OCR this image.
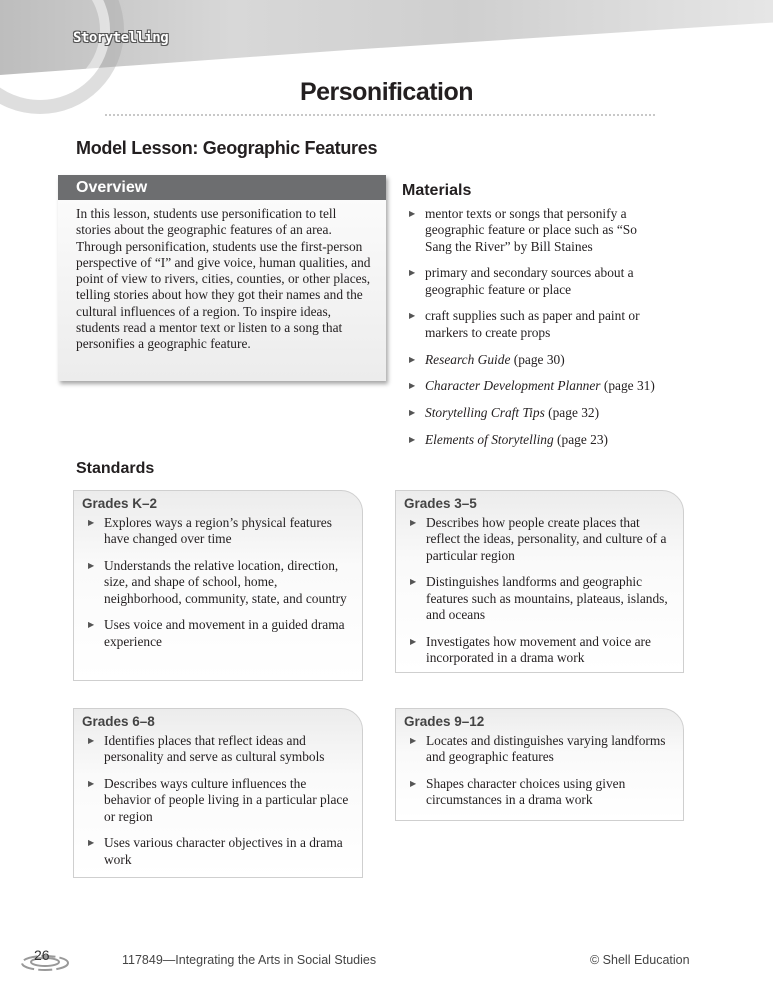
Storytelling
Personification
Model Lesson: Geographic Features
Overview
In this lesson, students use personification to tell stories about the geographic features of an area. Through personification, students use the first-person perspective of “I” and give voice, human qualities, and point of view to rivers, cities, counties, or other places, telling stories about how they got their names and the cultural influences of a region. To inspire ideas, students read a mentor text or listen to a song that personifies a geographic feature.
Materials
▶ mentor texts or songs that personify a geographic feature or place such as “So Sang the River” by Bill Staines
▶ primary and secondary sources about a geographic feature or place
▶ craft supplies such as paper and paint or markers to create props
▶ Research Guide (page 30)
▶ Character Development Planner (page 31)
▶ Storytelling Craft Tips (page 32)
▶ Elements of Storytelling (page 23)
Standards
Grades K–2
▶ Explores ways a region’s physical features have changed over time
▶ Understands the relative location, direction, size, and shape of school, home, neighborhood, community, state, and country
▶ Uses voice and movement in a guided drama experience
Grades 3–5
▶ Describes how people create places that reflect the ideas, personality, and culture of a particular region
▶ Distinguishes landforms and geographic features such as mountains, plateaus, islands, and oceans
▶ Investigates how movement and voice are incorporated in a drama work
Grades 6–8
▶ Identifies places that reflect ideas and personality and serve as cultural symbols
▶ Describes ways culture influences the behavior of people living in a particular place or region
▶ Uses various character objectives in a drama work
Grades 9–12
▶ Locates and distinguishes varying landforms and geographic features
▶ Shapes character choices using given circumstances in a drama work
26	117849—Integrating the Arts in Social Studies	© Shell Education
